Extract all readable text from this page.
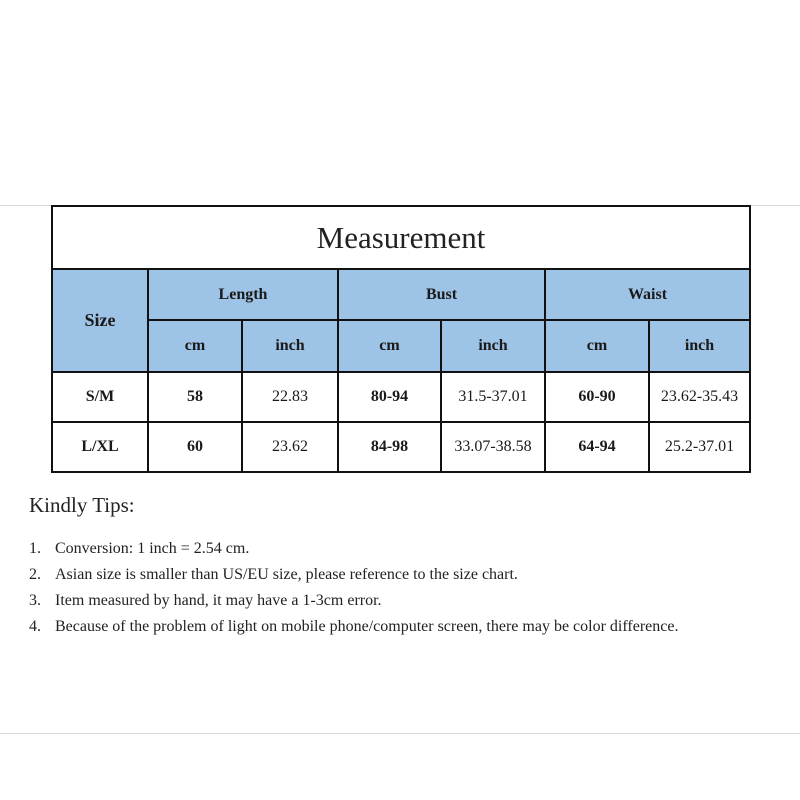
Measurement						
Size	Length		Bust		Waist	
	cm	inch	cm	inch	cm	inch
S/M	58	22.83	80-94	31.5-37.01	60-90	23.62-35.43
L/XL	60	23.62	84-98	33.07-38.58	64-94	25.2-37.01

Kindly Tips:

1. Conversion: 1 inch = 2.54 cm.
2. Asian size is smaller than US/EU size, please reference to the size chart.
3. Item measured by hand, it may have a 1-3cm error.
4. Because of the problem of light on mobile phone/computer screen, there may be color difference.
